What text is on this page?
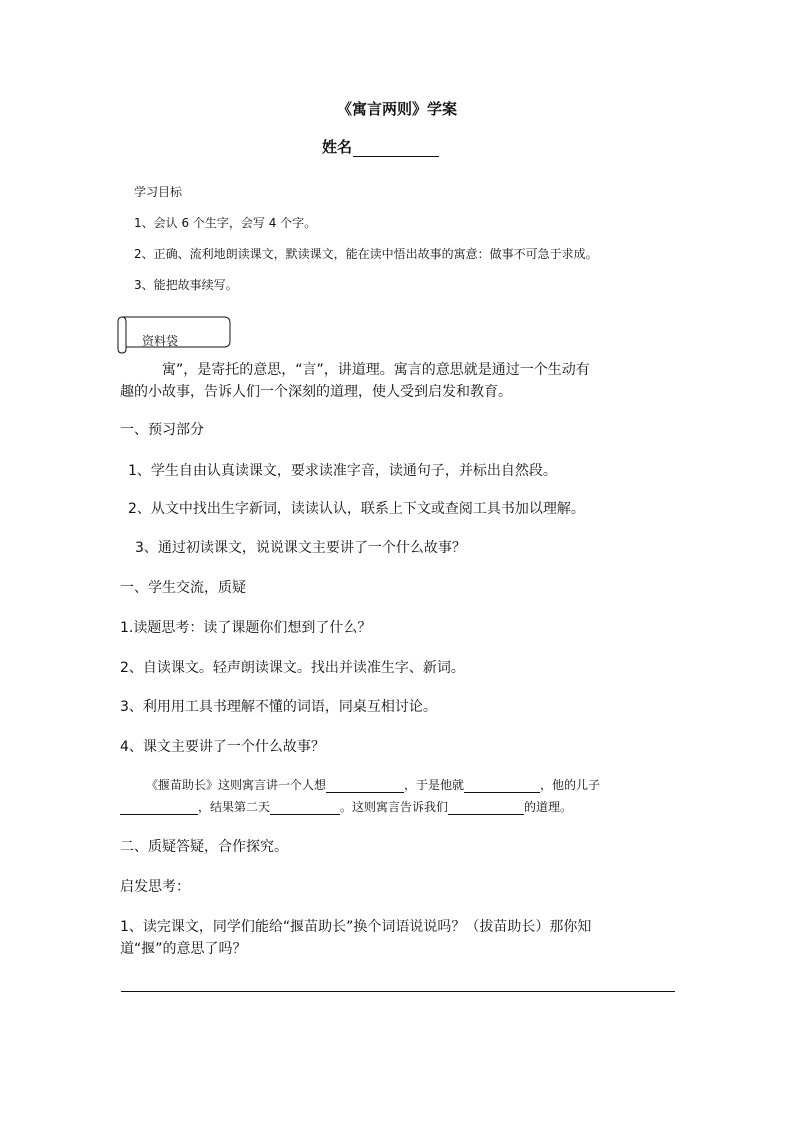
《寓言两则》学案
姓名
学习目标
1、会认 6 个生字，会写 4 个字。
2、正确、流利地朗读课文，默读课文，能在读中悟出故事的寓意：做事不可急于求成。
3、能把故事续写。
资料袋
寓”，是寄托的意思，“言”，讲道理。寓言的意思就是通过一个生动有
趣的小故事，告诉人们一个深刻的道理，使人受到启发和教育。
一、预习部分
1、学生自由认真读课文，要求读准字音，读通句子，并标出自然段。
2、从文中找出生字新词，读读认认，联系上下文或查阅工具书加以理解。
3、通过初读课文，说说课文主要讲了一个什么故事？
一、学生交流，质疑
1.读题思考：读了课题你们想到了什么？
2、自读课文。轻声朗读课文。找出并读准生字、新词。
3、利用用工具书理解不懂的词语，同桌互相讨论。
4、课文主要讲了一个什么故事？
《揠苗助长》这则寓言讲一个人想	，于是他就	，他的儿子
，结果第二天	。这则寓言告诉我们	的道理。
二、质疑答疑，合作探究。
启发思考：
1、读完课文，同学们能给“揠苗助长”换个词语说说吗？（拔苗助长）那你知
道“揠”的意思了吗？
